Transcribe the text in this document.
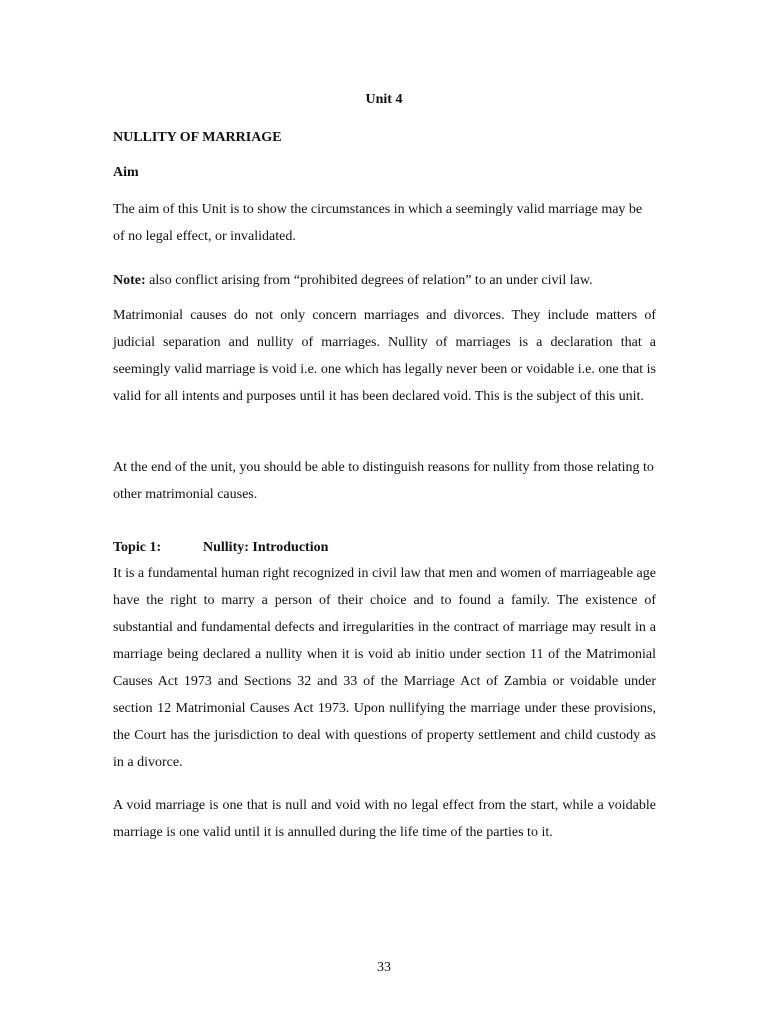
Unit 4
NULLITY OF MARRIAGE
Aim
The aim of this Unit is to show the circumstances in which a seemingly valid marriage may be of no legal effect, or invalidated.
Note: also conflict arising from “prohibited degrees of relation” to an under civil law.
Matrimonial causes do not only concern marriages and divorces. They include matters of judicial separation and nullity of marriages. Nullity of marriages is a declaration that a seemingly valid marriage is void i.e. one which has legally never been or voidable i.e. one that is valid for all intents and purposes until it has been declared void. This is the subject of this unit.
At the end of the unit, you should be able to distinguish reasons for nullity from those relating to other matrimonial causes.
Topic 1:	Nullity: Introduction
It is a fundamental human right recognized in civil law that men and women of marriageable age have the right to marry a person of their choice and to found a family. The existence of substantial and fundamental defects and irregularities in the contract of marriage may result in a marriage being declared a nullity when it is void ab initio under section 11 of the Matrimonial Causes Act 1973 and Sections 32 and 33 of the Marriage Act of Zambia or voidable under section 12 Matrimonial Causes Act 1973. Upon nullifying the marriage under these provisions, the Court has the jurisdiction to deal with questions of property settlement and child custody as in a divorce.
A void marriage is one that is null and void with no legal effect from the start, while a voidable marriage is one valid until it is annulled during the life time of the parties to it.
33
